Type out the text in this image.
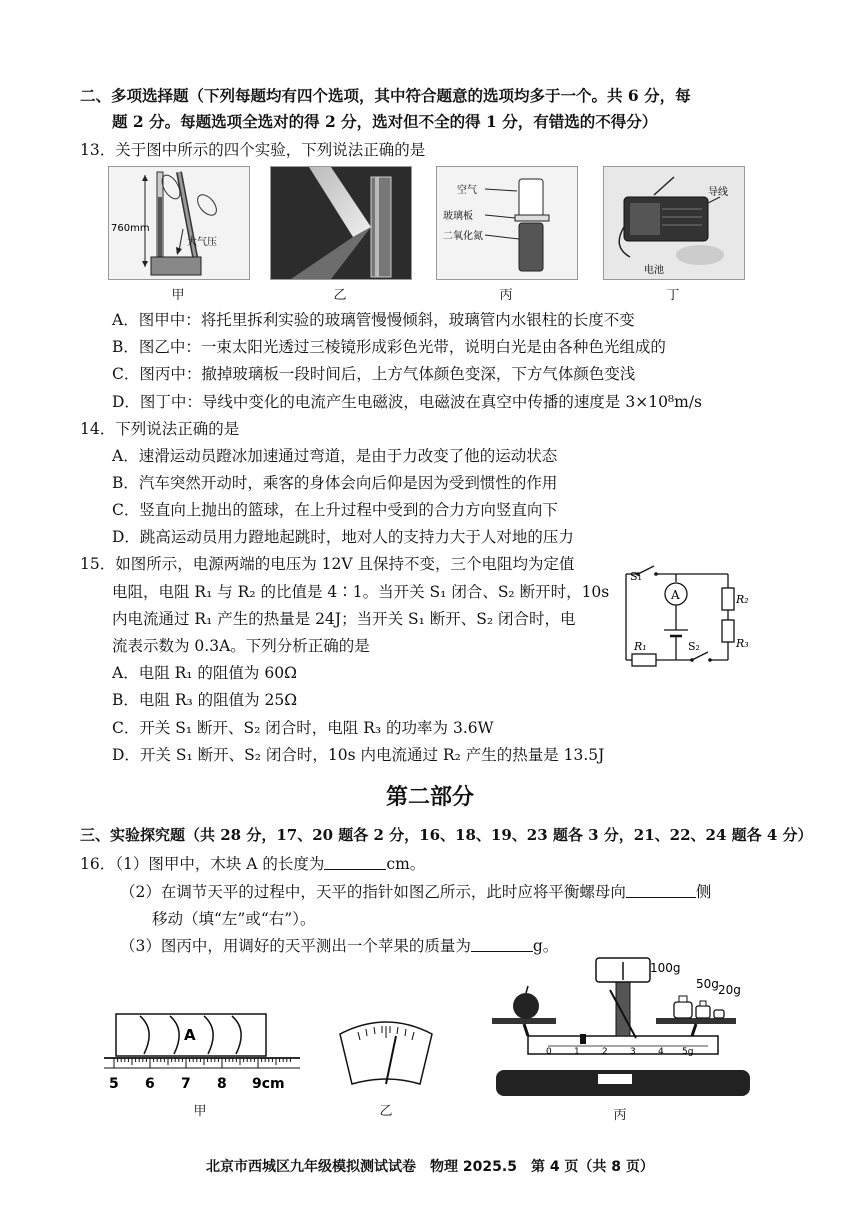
二、多项选择题（下列每题均有四个选项，其中符合题意的选项均多于一个。共 6 分，每
题 2 分。每题选项全选对的得 2 分，选对但不全的得 1 分，有错选的不得分）
13．关于图中所示的四个实验，下列说法正确的是
760mm
大气压
甲	乙
空气
玻璃板
二氧化氮
丙
导线
电池
丁
A．图甲中：将托里拆利实验的玻璃管慢慢倾斜，玻璃管内水银柱的长度不变
B．图乙中：一束太阳光透过三棱镜形成彩色光带，说明白光是由各种色光组成的
C．图丙中：撤掉玻璃板一段时间后，上方气体颜色变深，下方气体颜色变浅
D．图丁中：导线中变化的电流产生电磁波，电磁波在真空中传播的速度是 3×10⁸m/s
14．下列说法正确的是
A．速滑运动员蹬冰加速通过弯道，是由于力改变了他的运动状态
B．汽车突然开动时，乘客的身体会向后仰是因为受到惯性的作用
C．竖直向上抛出的篮球，在上升过程中受到的合力方向竖直向下
D．跳高运动员用力蹬地起跳时，地对人的支持力大于人对地的压力
15．如图所示，电源两端的电压为 12V 且保持不变，三个电阻均为定值
电阻，电阻 R₁ 与 R₂ 的比值是 4∶1。当开关 S₁ 闭合、S₂ 断开时，10s
内电流通过 R₁ 产生的热量是 24J；当开关 S₁ 断开、S₂ 闭合时，电
流表示数为 0.3A。下列分析正确的是
A
S₁
S₂
R₁
R₂
R₃
A．电阻 R₁ 的阻值为 60Ω
B．电阻 R₃ 的阻值为 25Ω
C．开关 S₁ 断开、S₂ 闭合时，电阻 R₃ 的功率为 3.6W
D．开关 S₁ 断开、S₂ 闭合时，10s 内电流通过 R₂ 产生的热量是 13.5J
第二部分
三、实验探究题（共 28 分，17、20 题各 2 分，16、18、19、23 题各 3 分，21、22、24 题各 4 分）
16．（1）图甲中，木块 A 的长度为	cm。
（2）在调节天平的过程中，天平的指针如图乙所示，此时应将平衡螺母向	侧
移动（填“左”或“右”）。
（3）图丙中，用调好的天平测出一个苹果的质量为	g。
A
5 6 7 8 9cm
甲	乙
0 1 2 3 4 5g
100g
50g 20g
丙
北京市西城区九年级模拟测试试卷　物理 2025.5　第 4 页（共 8 页）
